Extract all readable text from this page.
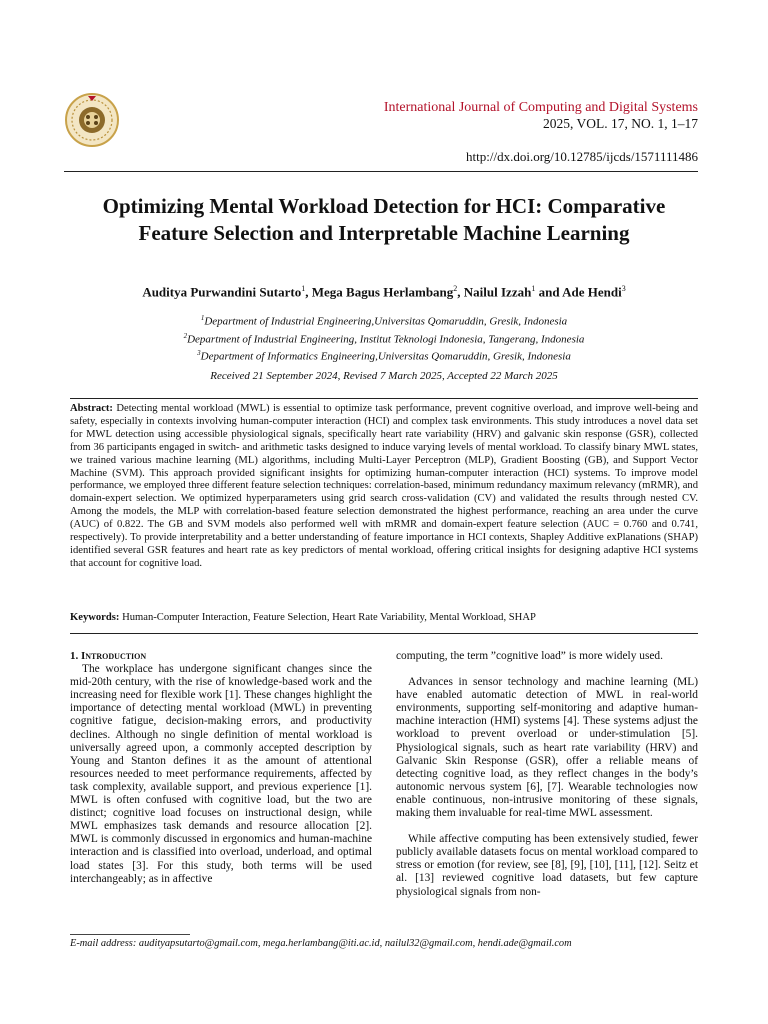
International Journal of Computing and Digital Systems
2025, VOL. 17, NO. 1, 1–17
http://dx.doi.org/10.12785/ijcds/1571111486
Optimizing Mental Workload Detection for HCI: Comparative
Feature Selection and Interpretable Machine Learning
Auditya Purwandini Sutarto$^1$, Mega Bagus Herlambang$^2$, Nailul Izzah$^1$ and Ade Hendi$^3$
$^1$Department of Industrial Engineering,Universitas Qomaruddin, Gresik, Indonesia
$^2$Department of Industrial Engineering, Institut Teknologi Indonesia, Tangerang, Indonesia
$^3$Department of Informatics Engineering,Universitas Qomaruddin, Gresik, Indonesia
Received 21 September 2024, Revised 7 March 2025, Accepted 22 March 2025
Abstract: Detecting mental workload (MWL) is essential to optimize task performance, prevent cognitive overload, and improve well-being and safety, especially in contexts involving human-computer interaction (HCI) and complex task environments. This study introduces a novel data set for MWL detection using accessible physiological signals, specifically heart rate variability (HRV) and galvanic skin response (GSR), collected from 36 participants engaged in switch- and arithmetic tasks designed to induce varying levels of mental workload. To classify binary MWL states, we trained various machine learning (ML) algorithms, including Multi-Layer Perceptron (MLP), Gradient Boosting (GB), and Support Vector Machine (SVM). This approach provided significant insights for optimizing human-computer interaction (HCI) systems. To improve model performance, we employed three different feature selection techniques: correlation-based, minimum redundancy maximum relevancy (mRMR), and domain-expert selection. We optimized hyperparameters using grid search cross-validation (CV) and validated the results through nested CV. Among the models, the MLP with correlation-based feature selection demonstrated the highest performance, reaching an area under the curve (AUC) of 0.822. The GB and SVM models also performed well with mRMR and domain-expert feature selection (AUC = 0.760 and 0.741, respectively). To provide interpretability and a better understanding of feature importance in HCI contexts, Shapley Additive exPlanations (SHAP) identified several GSR features and heart rate as key predictors of mental workload, offering critical insights for designing adaptive HCI systems that account for cognitive load.
Keywords: Human-Computer Interaction, Feature Selection, Heart Rate Variability, Mental Workload, SHAP
1. Introduction

The workplace has undergone significant changes since the mid-20th century, with the rise of knowledge-based work and the increasing need for flexible work [1]. These changes highlight the importance of detecting mental workload (MWL) in preventing cognitive fatigue, decision-making errors, and productivity declines. Although no single definition of mental workload is universally agreed upon, a commonly accepted description by Young and Stanton defines it as the amount of attentional resources needed to meet performance requirements, affected by task complexity, available support, and previous experience [1]. MWL is often confused with cognitive load, but the two are distinct; cognitive load focuses on instructional design, while MWL emphasizes task demands and resource allocation [2]. MWL is commonly discussed in ergonomics and human-machine interaction and is classified into overload, underload, and optimal load states [3]. For this study, both terms will be used interchangeably; as in affective

computing, the term ”cognitive load” is more widely used.

Advances in sensor technology and machine learning (ML) have enabled automatic detection of MWL in real-world environments, supporting self-monitoring and adaptive human-machine interaction (HMI) systems [4]. These systems adjust the workload to prevent overload or under-stimulation [5]. Physiological signals, such as heart rate variability (HRV) and Galvanic Skin Response (GSR), offer a reliable means of detecting cognitive load, as they reflect changes in the body’s autonomic nervous system [6], [7]. Wearable technologies now enable continuous, non-intrusive monitoring of these signals, making them invaluable for real-time MWL assessment.

While affective computing has been extensively studied, fewer publicly available datasets focus on mental workload compared to stress or emotion (for review, see [8], [9], [10], [11], [12]. Seitz et al. [13] reviewed cognitive load datasets, but few capture physiological signals from non-

E-mail address: audityapsutarto@gmail.com, mega.herlambang@iti.ac.id, nailul32@gmail.com, hendi.ade@gmail.com
